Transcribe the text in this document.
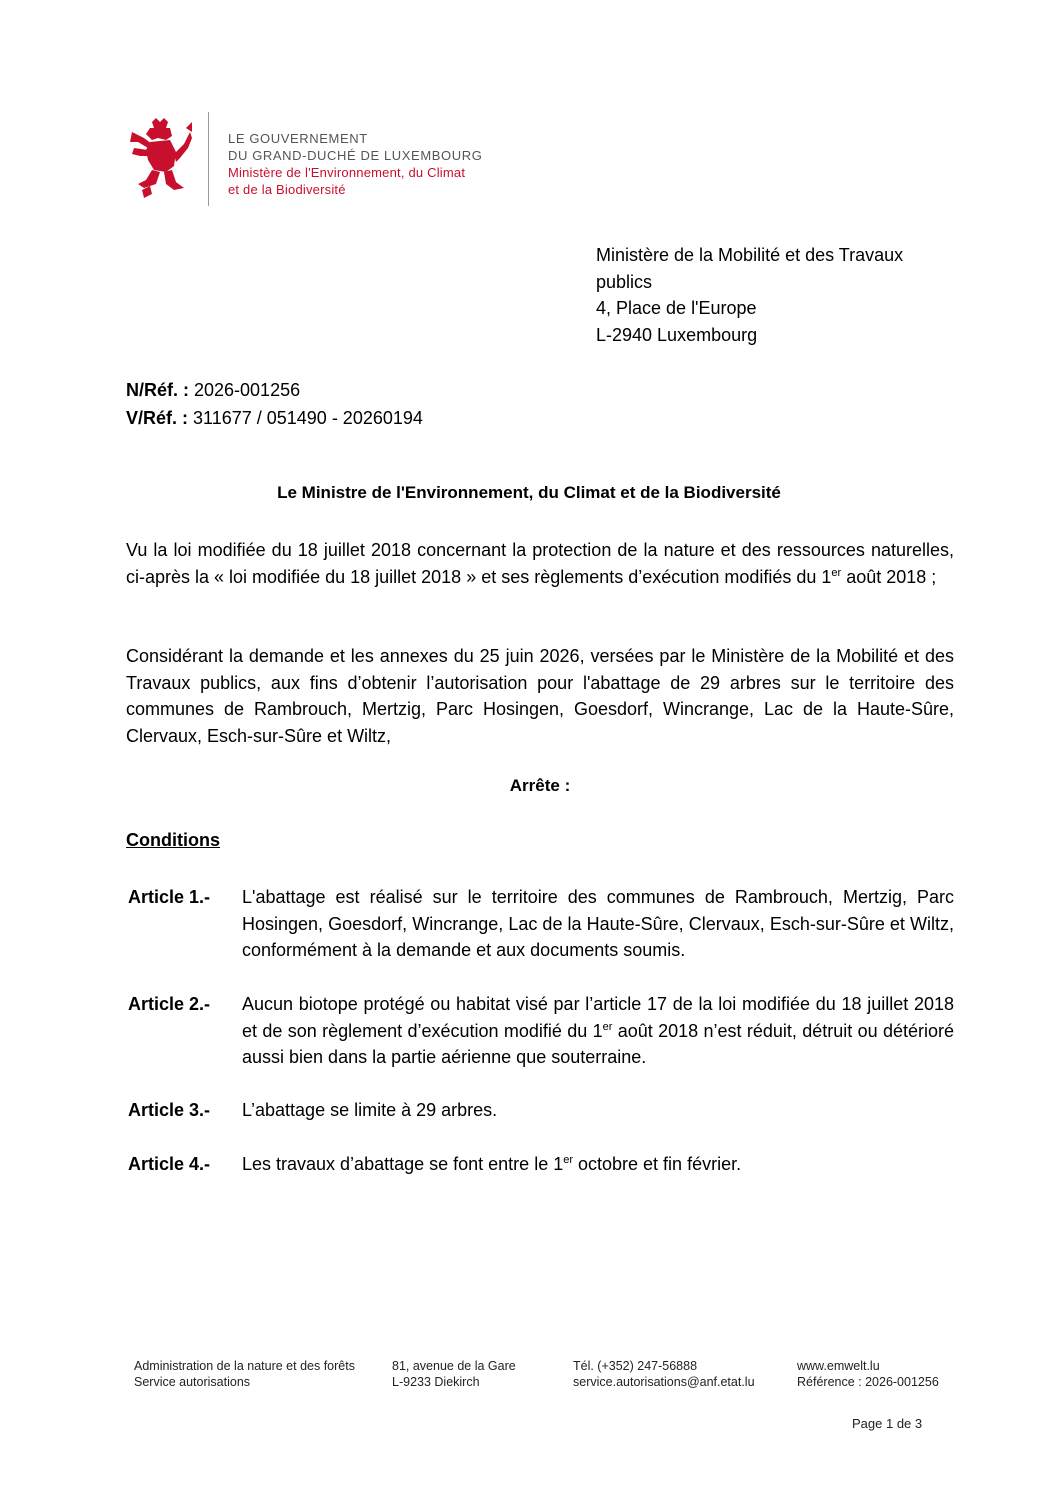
LE GOUVERNEMENT
DU GRAND-DUCHÉ DE LUXEMBOURG
Ministère de l'Environnement, du Climat
et de la Biodiversité
Ministère de la Mobilité et des Travaux
publics
4, Place de l'Europe
L-2940 Luxembourg
N/Réf. : 2026-001256
V/Réf. : 311677 / 051490 - 20260194
Le Ministre de l'Environnement, du Climat et de la Biodiversité
Vu la loi modifiée du 18 juillet 2018 concernant la protection de la nature et des ressources naturelles, ci-après la « loi modifiée du 18 juillet 2018 » et ses règlements d’exécution modifiés du 1er août 2018 ;
Considérant la demande et les annexes du 25 juin 2026, versées par le Ministère de la Mobilité et des Travaux publics, aux fins d’obtenir l’autorisation pour l'abattage de 29 arbres sur le territoire des communes de Rambrouch, Mertzig, Parc Hosingen, Goesdorf, Wincrange, Lac de la Haute-Sûre, Clervaux, Esch-sur-Sûre et Wiltz,
Arrête :
Conditions
Article 1.- L'abattage est réalisé sur le territoire des communes de Rambrouch, Mertzig, Parc Hosingen, Goesdorf, Wincrange, Lac de la Haute-Sûre, Clervaux, Esch-sur-Sûre et Wiltz, conformément à la demande et aux documents soumis.
Article 2.- Aucun biotope protégé ou habitat visé par l’article 17 de la loi modifiée du 18 juillet 2018 et de son règlement d’exécution modifié du 1er août 2018 n’est réduit, détruit ou détérioré aussi bien dans la partie aérienne que souterraine.
Article 3.- L’abattage se limite à 29 arbres.
Article 4.- Les travaux d’abattage se font entre le 1er octobre et fin février.
Administration de la nature et des forêts
Service autorisations
81, avenue de la Gare
L-9233 Diekirch
Tél. (+352) 247-56888
service.autorisations@anf.etat.lu
www.emwelt.lu
Référence : 2026-001256
Page 1 de 3
